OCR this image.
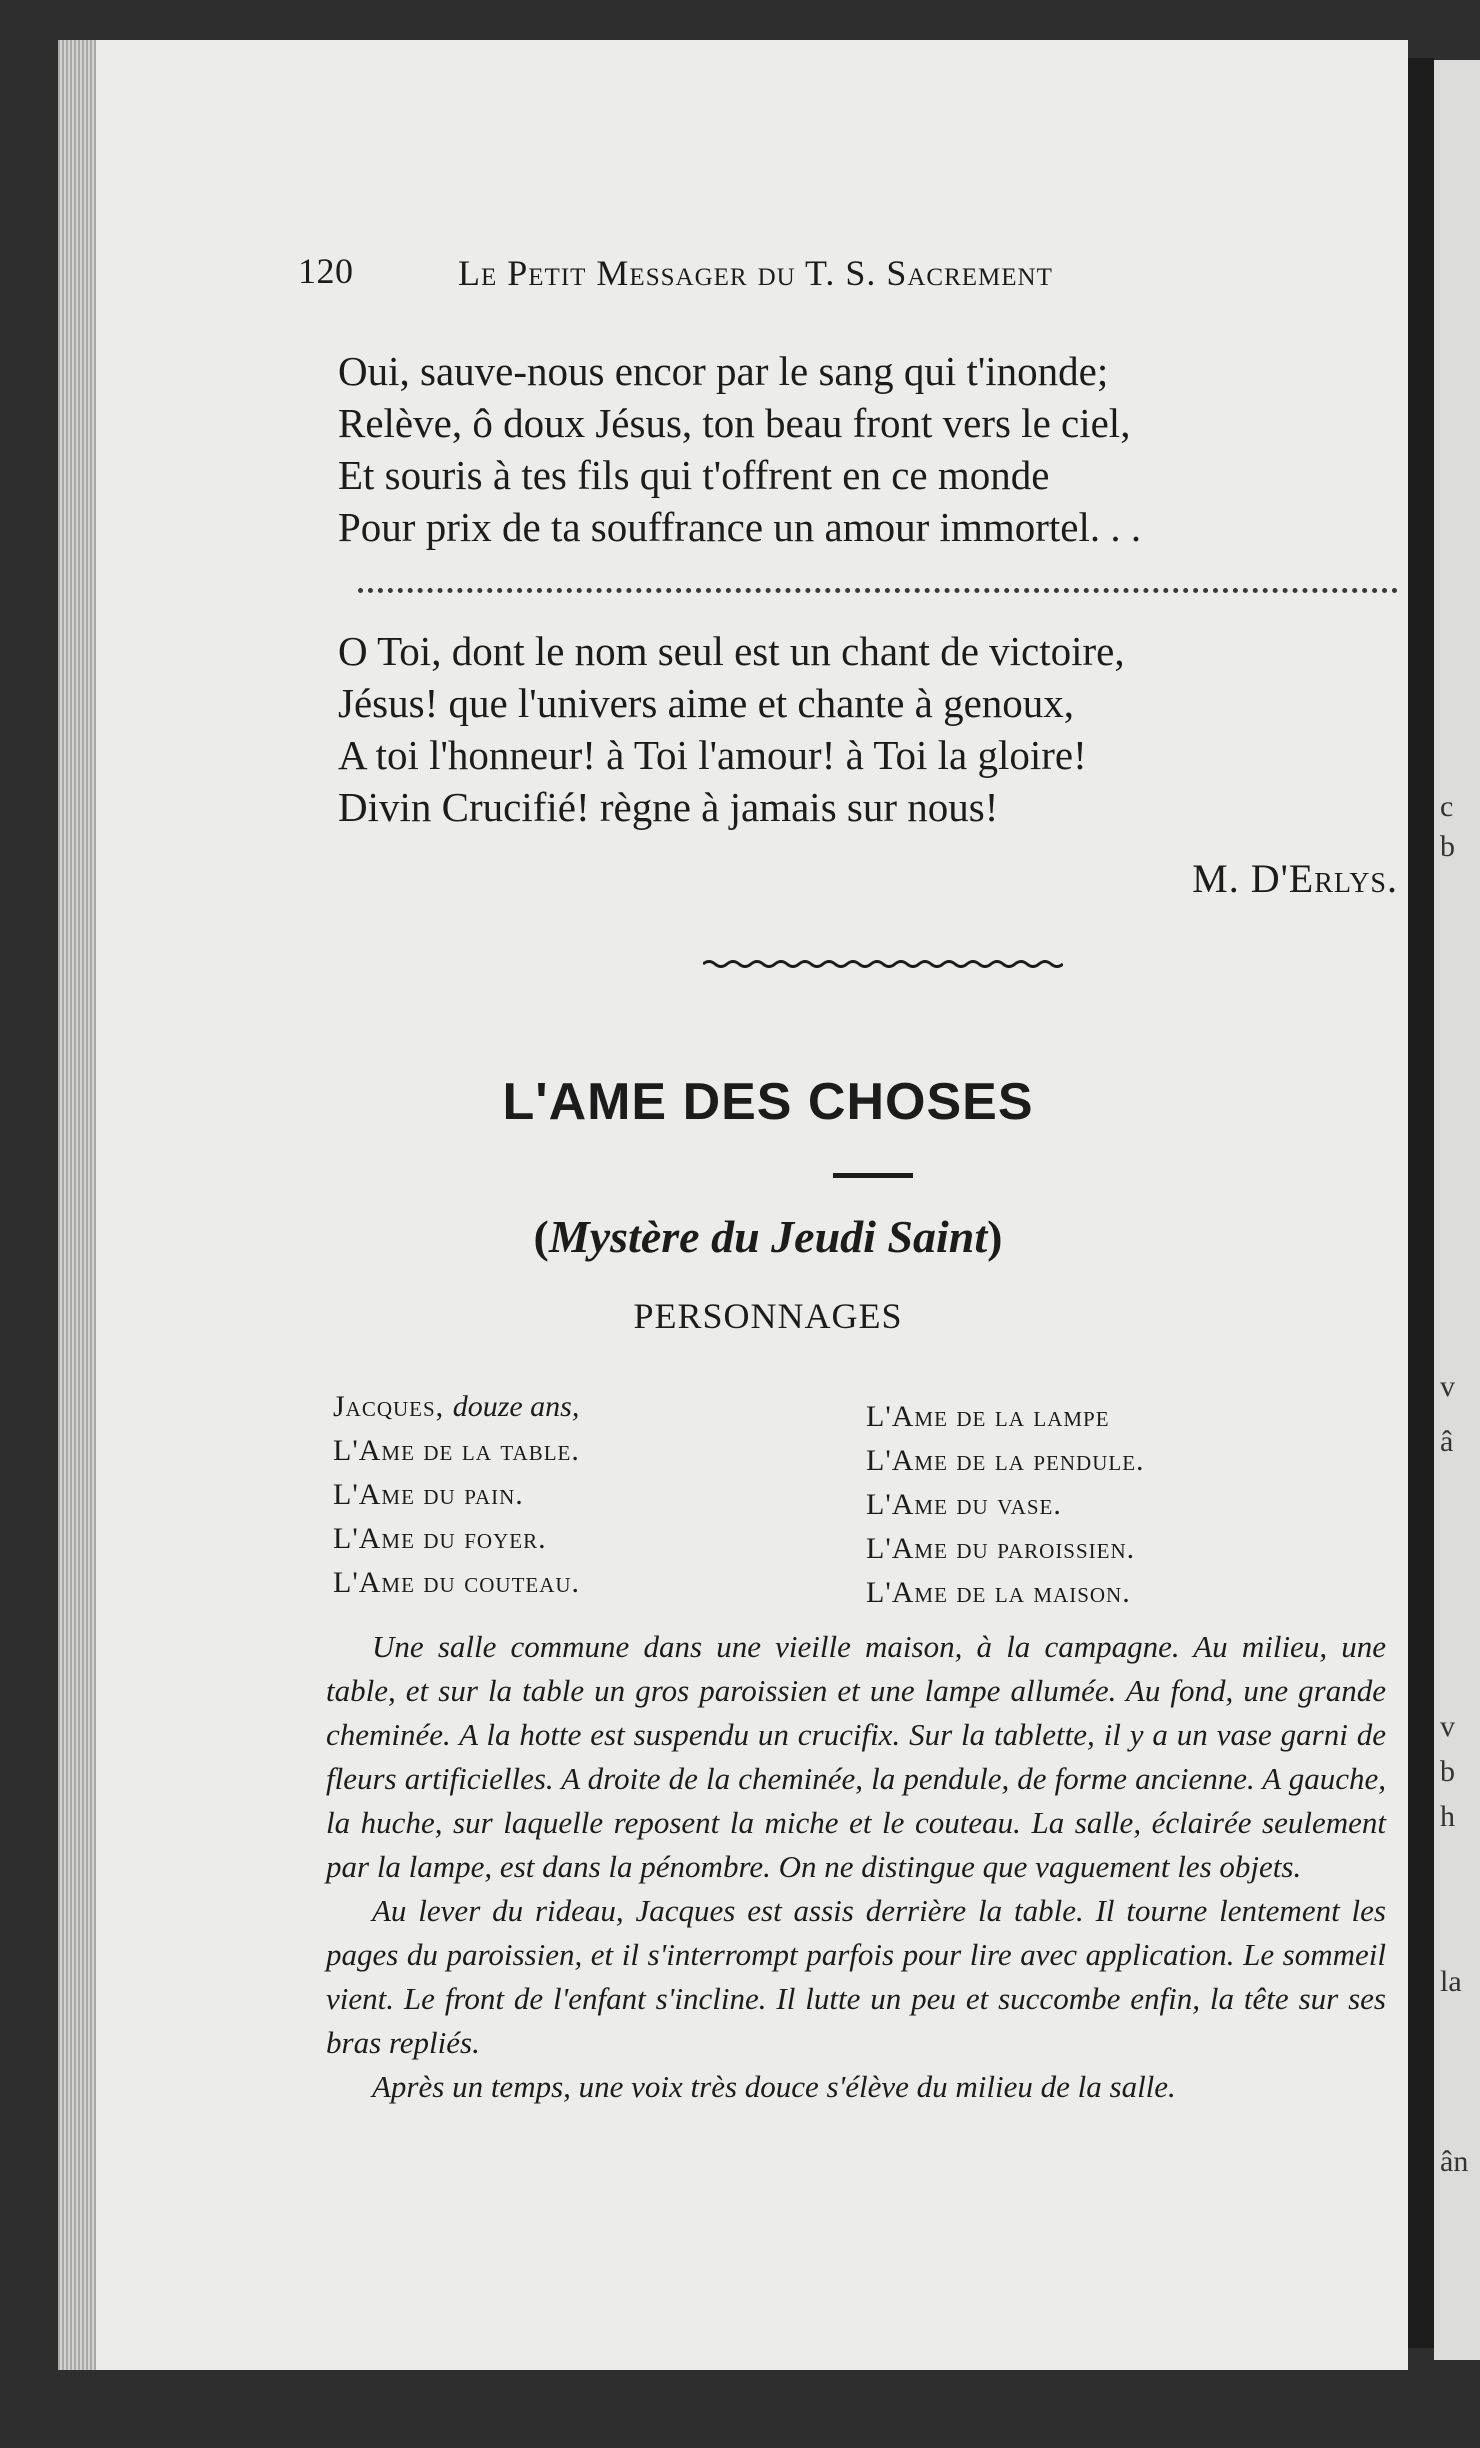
120	Le Petit Messager du T. S. Sacrement
Oui, sauve-nous encor par le sang qui t'inonde;
Relève, ô doux Jésus, ton beau front vers le ciel,
Et souris à tes fils qui t'offrent en ce monde
Pour prix de ta souffrance un amour immortel. . .
O Toi, dont le nom seul est un chant de victoire,
Jésus! que l'univers aime et chante à genoux,
A toi l'honneur! à Toi l'amour! à Toi la gloire!
Divin Crucifié! règne à jamais sur nous!
M. D'Erlys.
L'AME DES CHOSES
(Mystère du Jeudi Saint)
PERSONNAGES
Jacques, douze ans,
L'Ame de la table.
L'Ame du pain.
L'Ame du foyer.
L'Ame du couteau.
L'Ame de la lampe
L'Ame de la pendule.
L'Ame du vase.
L'Ame du paroissien.
L'Ame de la maison.

Une salle commune dans une vieille maison, à la campagne. Au milieu, une table, et sur la table un gros paroissien et une lampe allumée. Au fond, une grande cheminée. A la hotte est suspendu un crucifix. Sur la tablette, il y a un vase garni de fleurs artificielles. A droite de la cheminée, la pendule, de forme ancienne. A gauche, la huche, sur laquelle reposent la miche et le couteau. La salle, éclairée seulement par la lampe, est dans la pénombre. On ne distingue que vaguement les objets.

Au lever du rideau, Jacques est assis derrière la table. Il tourne lentement les pages du paroissien, et il s'interrompt parfois pour lire avec application. Le sommeil vient. Le front de l'enfant s'incline. Il lutte un peu et succombe enfin, la tête sur ses bras repliés.

Après un temps, une voix très douce s'élève du milieu de la salle.

c
b
v
â
v
b
h
la
ân
